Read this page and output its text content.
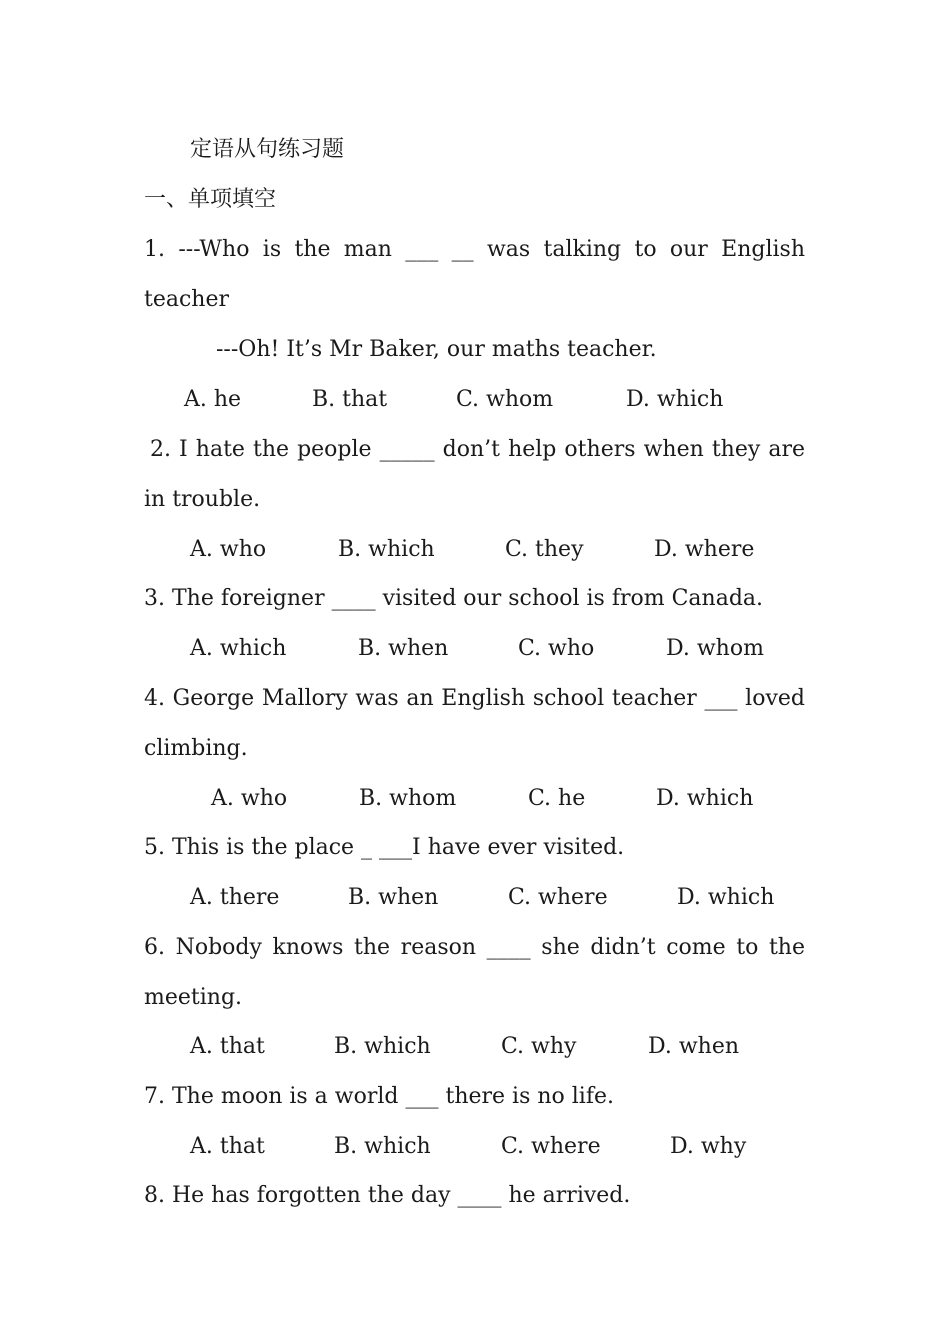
定语从句练习题
一、单项填空
1. ---Who is the man ___ __ was talking to our English
teacher
---Oh! It’s Mr Baker, our maths teacher.
A. he	B. that	C. whom	D. which
2. I hate the people _____ don’t help others when they are
in trouble.
A. who	B. which	C. they	D. where
3. The foreigner ____ visited our school is from Canada.
A. which	B. when	C. who	D. whom
4. George Mallory was an English school teacher ___ loved
climbing.
A. who	B. whom	C. he	D. which
5. This is the place _ ___I have ever visited.
A. there	B. when	C. where	D. which
6. Nobody knows the reason ____ she didn’t come to the
meeting.
A. that	B. which	C. why	D. when
7. The moon is a world ___ there is no life.
A. that	B. which	C. where	D. why
8. He has forgotten the day ____ he arrived.
